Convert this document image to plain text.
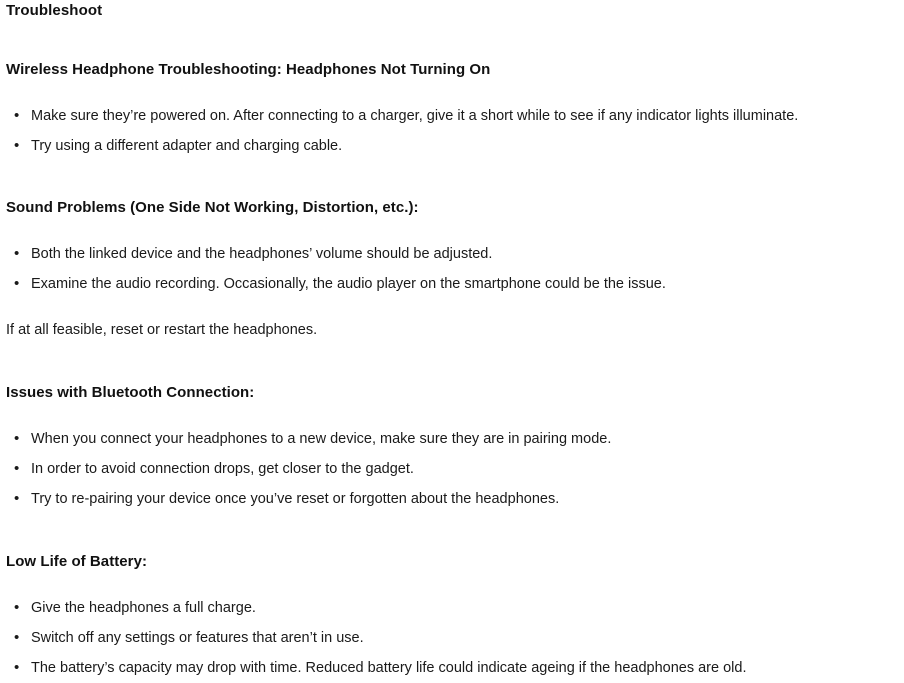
Troubleshoot
Wireless Headphone Troubleshooting: Headphones Not Turning On
• Make sure they’re powered on. After connecting to a charger, give it a short while to see if any indicator lights illuminate.
• Try using a different adapter and charging cable.
Sound Problems (One Side Not Working, Distortion, etc.):
• Both the linked device and the headphones’ volume should be adjusted.
• Examine the audio recording. Occasionally, the audio player on the smartphone could be the issue.
If at all feasible, reset or restart the headphones.
Issues with Bluetooth Connection:
• When you connect your headphones to a new device, make sure they are in pairing mode.
• In order to avoid connection drops, get closer to the gadget.
• Try to re-pairing your device once you’ve reset or forgotten about the headphones.
Low Life of Battery:
• Give the headphones a full charge.
• Switch off any settings or features that aren’t in use.
• The battery’s capacity may drop with time. Reduced battery life could indicate ageing if the headphones are old.
